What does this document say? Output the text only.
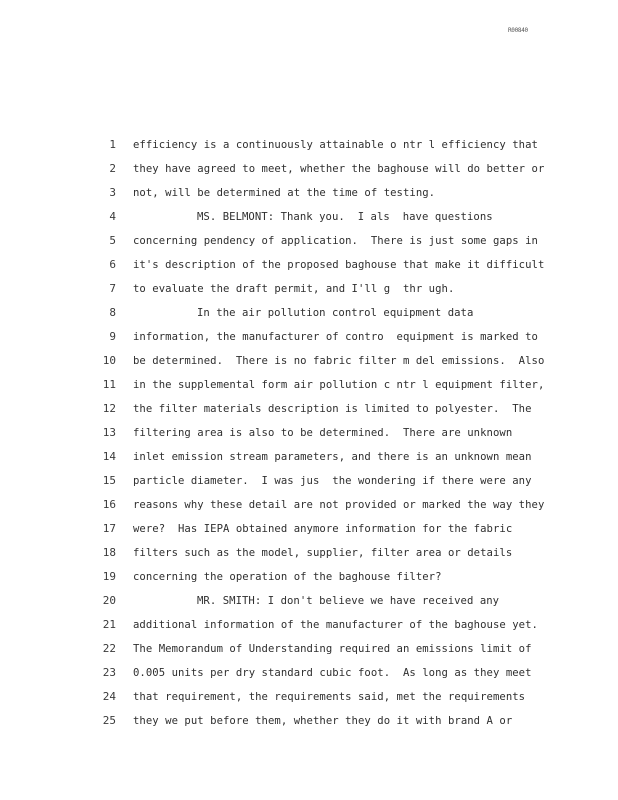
R00840

1

efficiency is a continuously attainable o ntr l efficiency that

2

they have agreed to meet, whether the baghouse will do better or

3

not, will be determined at the time of testing.

4

	MS. BELMONT: Thank you.  I als  have questions

5

concerning pendency of application.  There is just some gaps in

6

it's description of the proposed baghouse that make it difficult

7

to evaluate the draft permit, and I'll g  thr ugh.

8

	In the air pollution control equipment data

9

information, the manufacturer of contro  equipment is marked to

10

be determined.  There is no fabric filter m del emissions.  Also

11

in the supplemental form air pollution c ntr l equipment filter,

12

the filter materials description is limited to polyester.  The

13

filtering area is also to be determined.  There are unknown

14

inlet emission stream parameters, and there is an unknown mean

15

particle diameter.  I was jus  the wondering if there were any

16

reasons why these detail are not provided or marked the way they

17

were?  Has IEPA obtained anymore information for the fabric

18

filters such as the model, supplier, filter area or details

19

concerning the operation of the baghouse filter?

20

	MR. SMITH: I don't believe we have received any

21

additional information of the manufacturer of the baghouse yet.

22

The Memorandum of Understanding required an emissions limit of

23

0.005 units per dry standard cubic foot.  As long as they meet

24

that requirement, the requirements said, met the requirements

25

they we put before them, whether they do it with brand A or
